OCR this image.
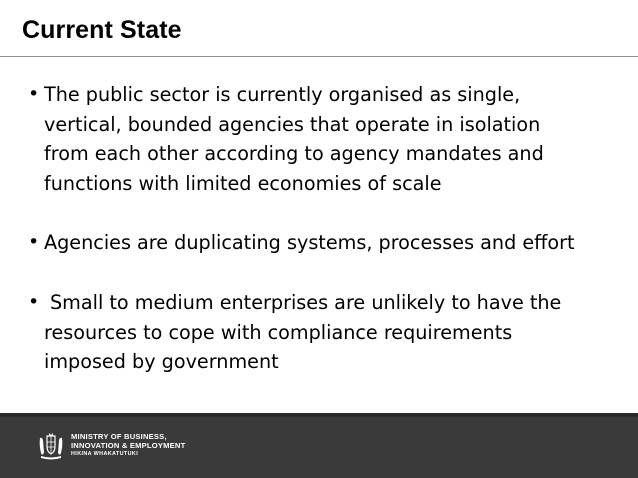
Current State
• The public sector is currently organised as single,
vertical, bounded agencies that operate in isolation
from each other according to agency mandates and
functions with limited economies of scale
• Agencies are duplicating systems, processes and effort
• Small to medium enterprises are unlikely to have the
resources to cope with compliance requirements
imposed by government
MINISTRY OF BUSINESS,
INNOVATION & EMPLOYMENT
HIKINA WHAKATUTUKI
